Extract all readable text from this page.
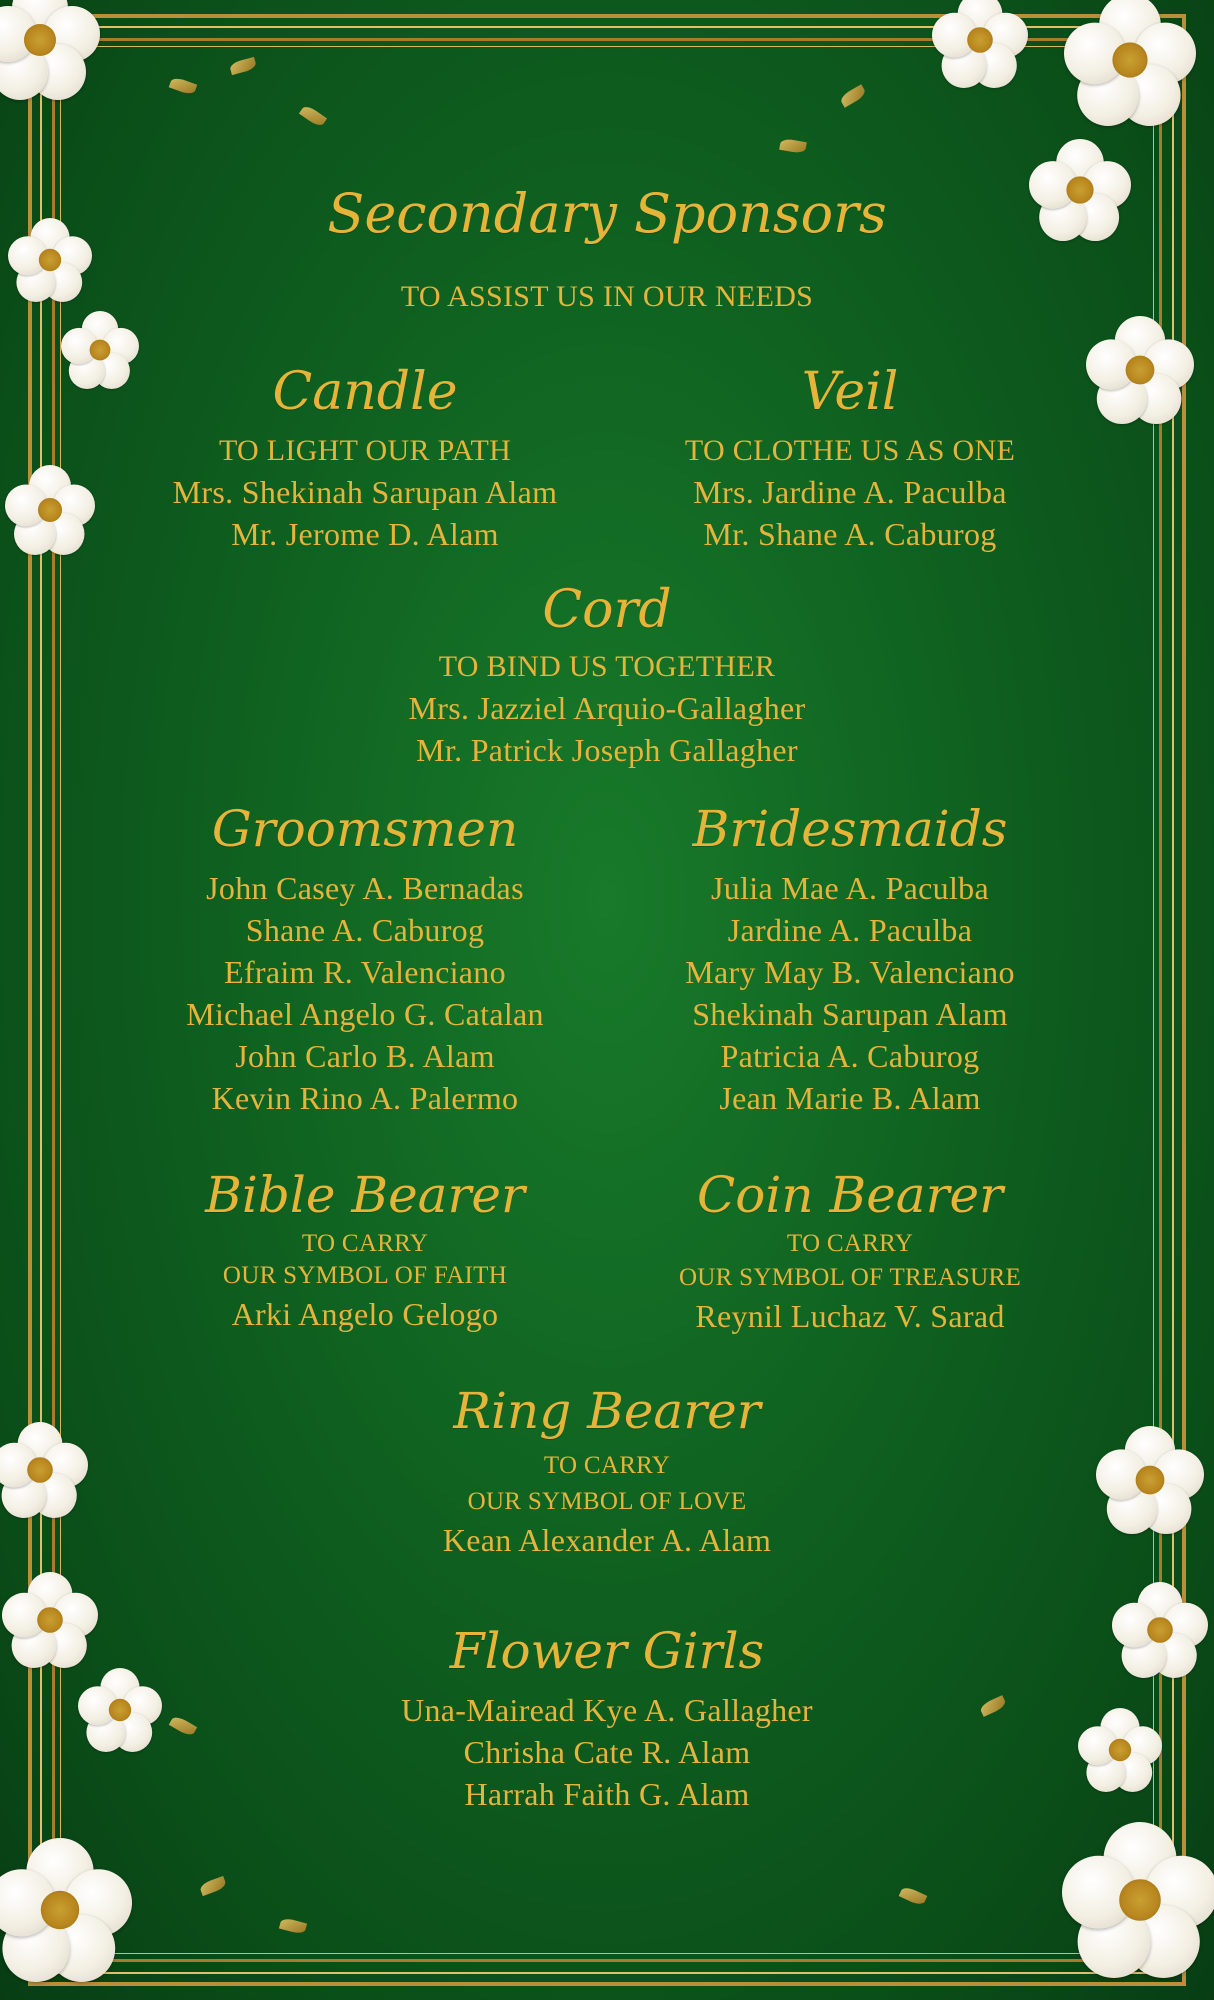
Secondary Sponsors
TO ASSIST US IN OUR NEEDS
Candle
TO LIGHT OUR PATH
Mrs. Shekinah Sarupan Alam
Mr. Jerome D. Alam
Veil
TO CLOTHE US AS ONE
Mrs. Jardine A. Paculba
Mr. Shane A. Caburog
Cord
TO BIND US TOGETHER
Mrs. Jazziel Arquio-Gallagher
Mr. Patrick Joseph Gallagher
Groomsmen
John Casey A. Bernadas
Shane A. Caburog
Efraim R. Valenciano
Michael Angelo G. Catalan
John Carlo B. Alam
Kevin Rino A. Palermo
Bridesmaids
Julia Mae A. Paculba
Jardine A. Paculba
Mary May B. Valenciano
Shekinah Sarupan Alam
Patricia A. Caburog
Jean Marie B. Alam
Bible Bearer
TO CARRY
OUR SYMBOL OF FAITH
Arki Angelo Gelogo
Coin Bearer
TO CARRY
OUR SYMBOL OF TREASURE
Reynil Luchaz V. Sarad
Ring Bearer
TO CARRY
OUR SYMBOL OF LOVE
Kean Alexander A. Alam
Flower Girls
Una-Mairead Kye A. Gallagher
Chrisha Cate R. Alam
Harrah Faith G. Alam
